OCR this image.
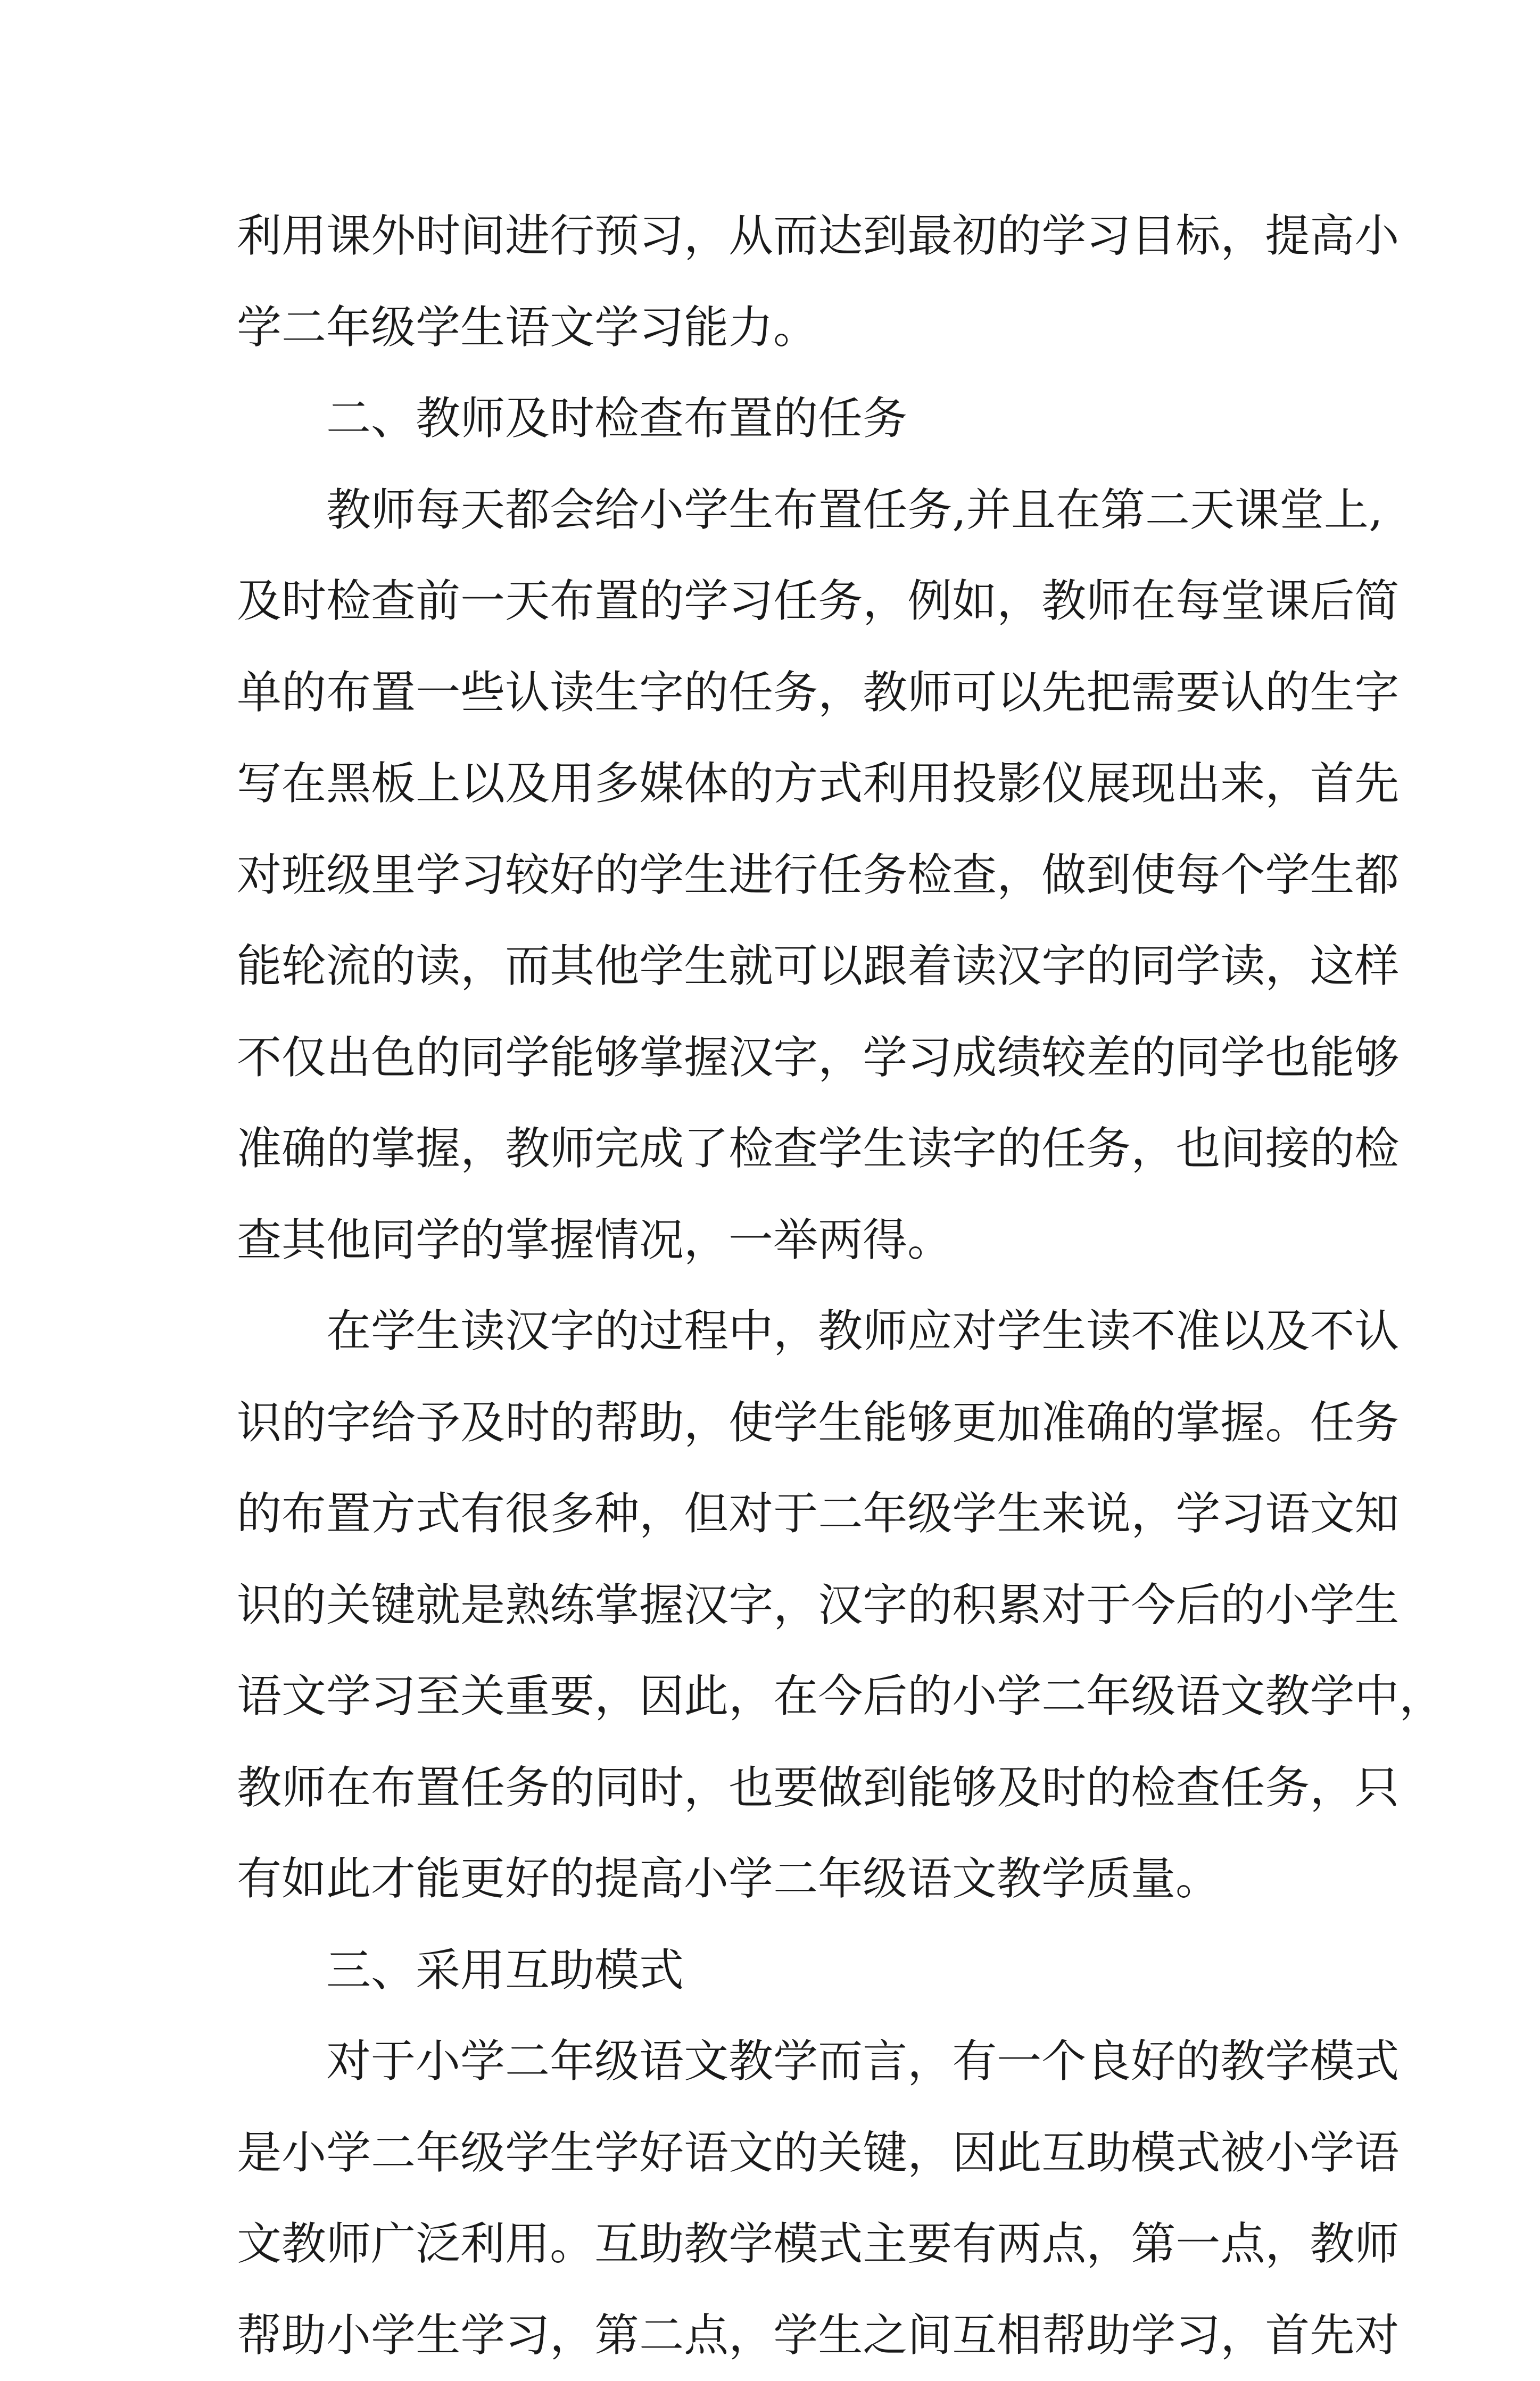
利 用 课 外 时 间 进 行 预 习 ， 从 而 达 到 最 初 的 学 习 目 标 ， 提 高 小
学二年级学生语文学习能力。
二、教师及时检查布置的任务
教 师 每 天 都 会 给 小 学 生 布 置 任 务 , 并 且 在 第 二 天 课 堂 上 ,
及 时 检 查 前 一 天 布 置 的 学 习 任 务 ， 例 如 ， 教 师 在 每 堂 课 后 简
单 的 布 置 一 些 认 读 生 字 的 任 务 ， 教 师 可 以 先 把 需 要 认 的 生 字
写 在 黑 板 上 以 及 用 多 媒 体 的 方 式 利 用 投 影 仪 展 现 出 来 ， 首 先
对 班 级 里 学 习 较 好 的 学 生 进 行 任 务 检 查 ， 做 到 使 每 个 学 生 都
能 轮 流 的 读 ， 而 其 他 学 生 就 可 以 跟 着 读 汉 字 的 同 学 读 ， 这 样
不 仅 出 色 的 同 学 能 够 掌 握 汉 字 ， 学 习 成 绩 较 差 的 同 学 也 能 够
准 确 的 掌 握 ， 教 师 完 成 了 检 查 学 生 读 字 的 任 务 ， 也 间 接 的 检
查其他同学的掌握情况，一举两得。
在 学 生 读 汉 字 的 过 程 中 ， 教 师 应 对 学 生 读 不 准 以 及 不 认
识 的 字 给 予 及 时 的 帮 助 ， 使 学 生 能 够 更 加 准 确 的 掌 握 。 任 务
的 布 置 方 式 有 很 多 种 ， 但 对 于 二 年 级 学 生 来 说 ， 学 习 语 文 知
识 的 关 键 就 是 熟 练 掌 握 汉 字 ， 汉 字 的 积 累 对 于 今 后 的 小 学 生
语 文 学 习 至 关 重 要 ， 因 此 ， 在 今 后 的 小 学 二 年 级 语 文 教 学 中 ，
教 师 在 布 置 任 务 的 同 时 ， 也 要 做 到 能 够 及 时 的 检 查 任 务 ， 只
有如此才能更好的提高小学二年级语文教学质量。
三、采用互助模式
对 于 小 学 二 年 级 语 文 教 学 而 言 ， 有 一 个 良 好 的 教 学 模 式
是 小 学 二 年 级 学 生 学 好 语 文 的 关 键 ， 因 此 互 助 模 式 被 小 学 语
文 教 师 广 泛 利 用 。 互 助 教 学 模 式 主 要 有 两 点 ， 第 一 点 ， 教 师
帮 助 小 学 生 学 习 ， 第 二 点 ， 学 生 之 间 互 相 帮 助 学 习 ， 首 先 对
